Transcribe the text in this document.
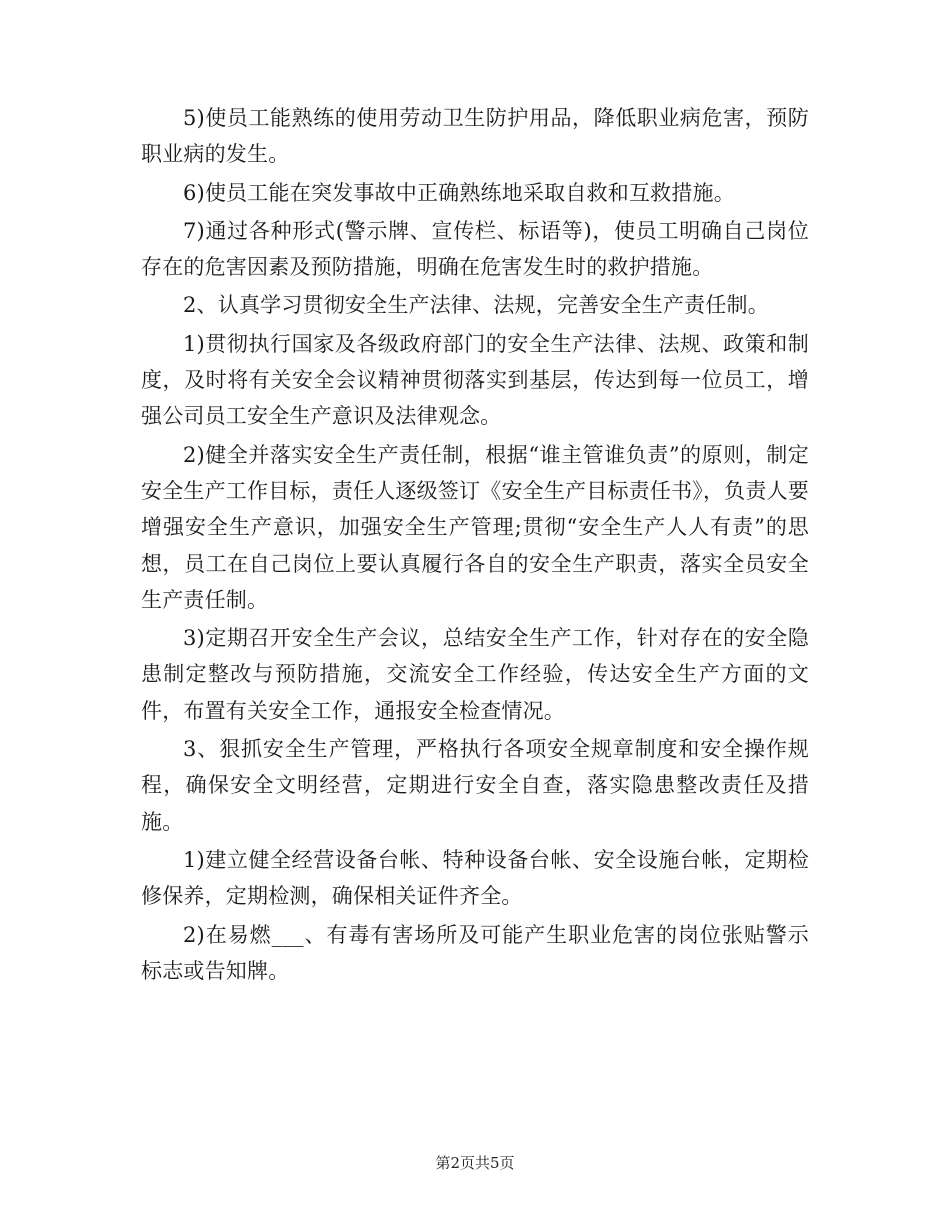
5)使员工能熟练的使用劳动卫生防护用品，降低职业病危害，预防职业病的发生。

6)使员工能在突发事故中正确熟练地采取自救和互救措施。

7)通过各种形式(警示牌、宣传栏、标语等)，使员工明确自己岗位存在的危害因素及预防措施，明确在危害发生时的救护措施。

2、认真学习贯彻安全生产法律、法规，完善安全生产责任制。

1)贯彻执行国家及各级政府部门的安全生产法律、法规、政策和制度，及时将有关安全会议精神贯彻落实到基层，传达到每一位员工，增强公司员工安全生产意识及法律观念。

2)健全并落实安全生产责任制，根据“谁主管谁负责”的原则，制定安全生产工作目标，责任人逐级签订《安全生产目标责任书》，负责人要增强安全生产意识，加强安全生产管理;贯彻“安全生产人人有责”的思想，员工在自己岗位上要认真履行各自的安全生产职责，落实全员安全生产责任制。

3)定期召开安全生产会议，总结安全生产工作，针对存在的安全隐患制定整改与预防措施，交流安全工作经验，传达安全生产方面的文件，布置有关安全工作，通报安全检查情况。

3、狠抓安全生产管理，严格执行各项安全规章制度和安全操作规程，确保安全文明经营，定期进行安全自查，落实隐患整改责任及措施。

1)建立健全经营设备台帐、特种设备台帐、安全设施台帐，定期检修保养，定期检测，确保相关证件齐全。

2)在易燃___、有毒有害场所及可能产生职业危害的岗位张贴警示标志或告知牌。

第2页共5页
